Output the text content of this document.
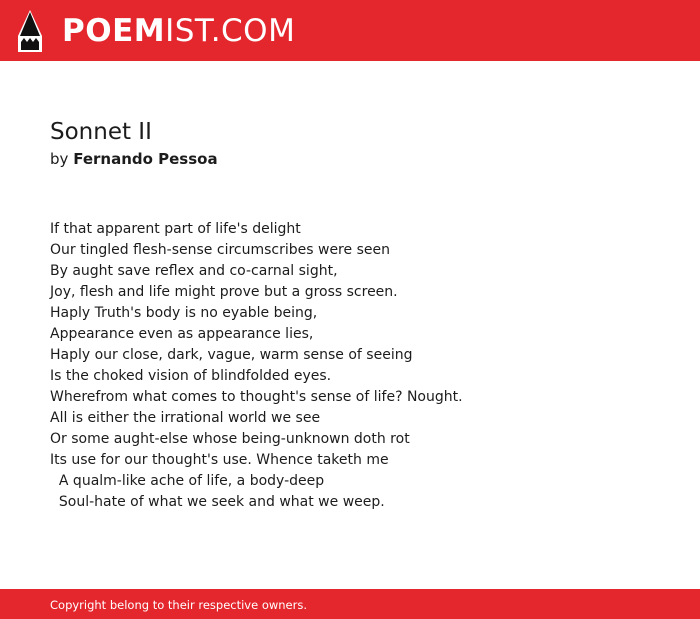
POEMIST.COM
Sonnet II
by Fernando Pessoa
If that apparent part of life's delight
Our tingled flesh-sense circumscribes were seen
By aught save reflex and co-carnal sight,
Joy, flesh and life might prove but a gross screen.
Haply Truth's body is no eyable being,
Appearance even as appearance lies,
Haply our close, dark, vague, warm sense of seeing
Is the choked vision of blindfolded eyes.
Wherefrom what comes to thought's sense of life? Nought.
All is either the irrational world we see
Or some aught-else whose being-unknown doth rot
Its use for our thought's use. Whence taketh me
A qualm-like ache of life, a body-deep
Soul-hate of what we seek and what we weep.
Copyright belong to their respective owners.
